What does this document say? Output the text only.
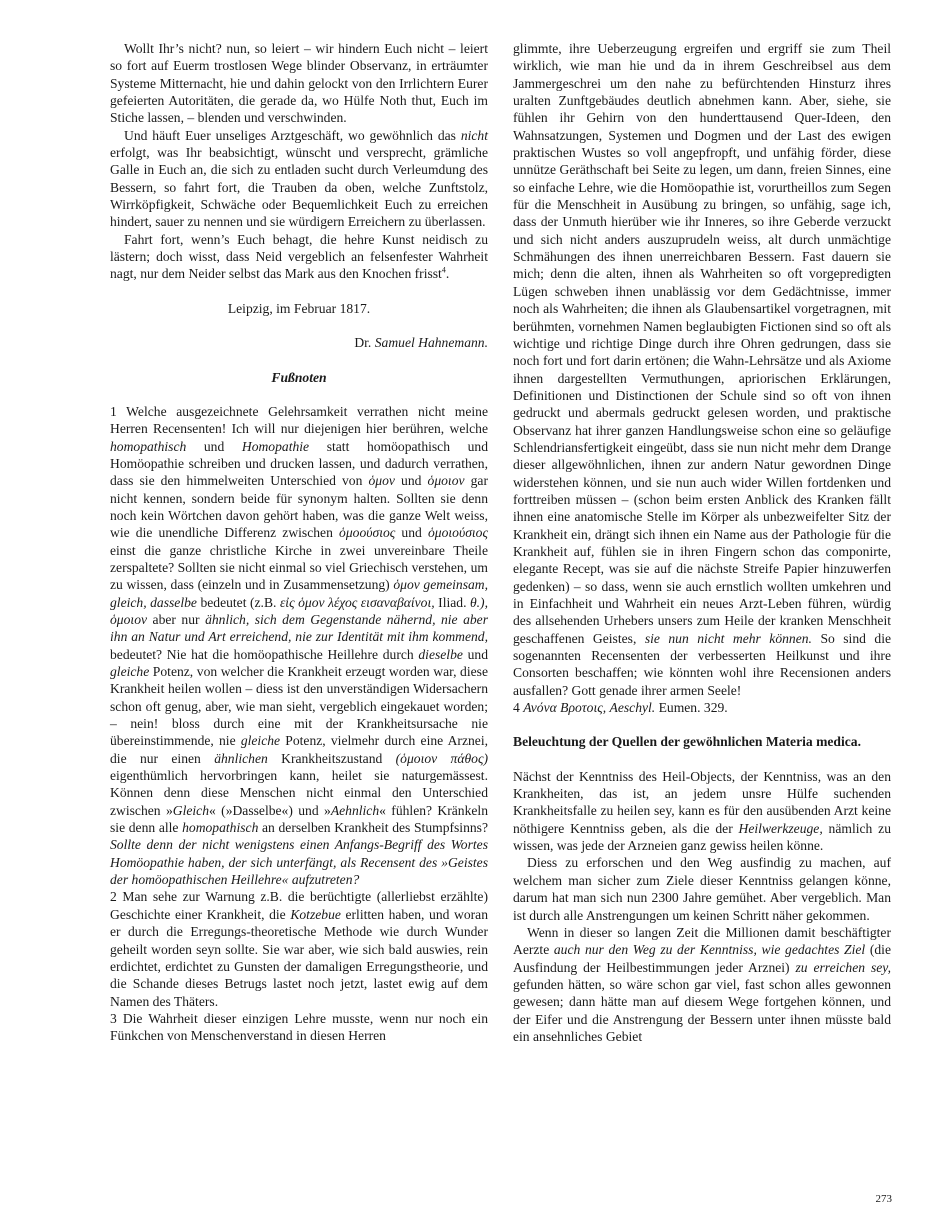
Wollt Ihr’s nicht? nun, so leiert – wir hindern Euch nicht – leiert so fort auf Euerm trostlosen Wege blinder Observanz, in erträumter Systeme Mitternacht, hie und dahin gelockt von den Irrlichtern Eurer gefeierten Autoritäten, die gerade da, wo Hülfe Noth thut, Euch im Stiche lassen, – blenden und verschwinden.

Und häuft Euer unseliges Arztgeschäft, wo gewöhnlich das nicht erfolgt, was Ihr beabsichtigt, wünscht und versprecht, grämliche Galle in Euch an, die sich zu entladen sucht durch Verleumdung des Bessern, so fahrt fort, die Trauben da oben, welche Zunftstolz, Wirrköpfigkeit, Schwäche oder Bequemlichkeit Euch zu erreichen hindert, sauer zu nennen und sie würdigern Erreichern zu überlassen.

Fahrt fort, wenn’s Euch behagt, die hehre Kunst neidisch zu lästern; doch wisst, dass Neid vergeblich an felsenfester Wahrheit nagt, nur dem Neider selbst das Mark aus den Knochen frisst$^4$.

Leipzig, im Februar 1817.

Dr. Samuel Hahnemann.

Fußnoten

1 Welche ausgezeichnete Gelehrsamkeit verrathen nicht meine Herren Recensenten! Ich will nur diejenigen hier berühren, welche homopathisch und Homopathie statt homöopathisch und Homöopathie schreiben und drucken lassen, und dadurch verrathen, dass sie den himmelweiten Unterschied von ὁμον und ὁμοιον gar nicht kennen, sondern beide für synonym halten. Sollten sie denn noch kein Wörtchen davon gehört haben, was die ganze Welt weiss, wie die unendliche Differenz zwischen ὁμοούσιος und ὁμοιούσιος einst die ganze christliche Kirche in zwei unvereinbare Theile zerspaltete? Sollten sie nicht einmal so viel Griechisch verstehen, um zu wissen, dass (einzeln und in Zusammensetzung) ὁμον gemeinsam, gleich, dasselbe bedeutet (z.B. εἰς ὁμον λέχος εισαναβαίνοι, Iliad. θ.), ὁμοιον aber nur ähnlich, sich dem Gegenstande nähernd, nie aber ihn an Natur und Art erreichend, nie zur Identität mit ihm kommend, bedeutet? Nie hat die homöopathische Heillehre durch dieselbe und gleiche Potenz, von welcher die Krankheit erzeugt worden war, diese Krankheit heilen wollen – diess ist den unverständigen Widersachern schon oft genug, aber, wie man sieht, vergeblich eingekauet worden; – nein! bloss durch eine mit der Krankheitsursache nie übereinstimmende, nie gleiche Potenz, vielmehr durch eine Arznei, die nur einen ähnlichen Krankheitszustand (ὁμοιον πάθος) eigenthümlich hervorbringen kann, heilet sie naturgemässest. Können denn diese Menschen nicht einmal den Unterschied zwischen »Gleich« (»Dasselbe«) und »Aehnlich« fühlen? Kränkeln sie denn alle homopathisch an derselben Krankheit des Stumpfsinns? Sollte denn der nicht wenigstens einen Anfangs-Begriff des Wortes Homöopathie haben, der sich unterfängt, als Recensent des »Geistes der homöopathischen Heillehre« aufzutreten?

2 Man sehe zur Warnung z.B. die berüchtigte (allerliebst erzählte) Geschichte einer Krankheit, die Kotzebue erlitten haben, und woran er durch die Erregungs-theoretische Methode wie durch Wunder geheilt worden seyn sollte. Sie war aber, wie sich bald auswies, rein erdichtet, erdichtet zu Gunsten der damaligen Erregungstheorie, und die Schande dieses Betrugs lastet noch jetzt, lastet ewig auf dem Namen des Thäters.

3 Die Wahrheit dieser einzigen Lehre musste, wenn nur noch ein Fünkchen von Menschenverstand in diesen Herren

glimmte, ihre Ueberzeugung ergreifen und ergriff sie zum Theil wirklich, wie man hie und da in ihrem Geschreibsel aus dem Jammergeschrei um den nahe zu befürchtenden Hinsturz ihres uralten Zunftgebäudes deutlich abnehmen kann. Aber, siehe, sie fühlen ihr Gehirn von den hunderttausend Quer-Ideen, den Wahnsatzungen, Systemen und Dogmen und der Last des ewigen praktischen Wustes so voll angepfropft, und unfähig förder, diese unnütze Geräthschaft bei Seite zu legen, um dann, freien Sinnes, eine so einfache Lehre, wie die Homöopathie ist, vorurtheillos zum Segen für die Menschheit in Ausübung zu bringen, so unfähig, sage ich, dass der Unmuth hierüber wie ihr Inneres, so ihre Geberde verzuckt und sich nicht anders auszuprudeln weiss, alt durch unmächtige Schmähungen des ihnen unerreichbaren Bessern. Fast dauern sie mich; denn die alten, ihnen als Wahrheiten so oft vorgepredigten Lügen schweben ihnen unablässig vor dem Gedächtnisse, immer noch als Wahrheiten; die ihnen als Glaubensartikel vorgetragnen, mit berühmten, vornehmen Namen beglaubigten Fictionen sind so oft als wichtige und richtige Dinge durch ihre Ohren gedrungen, dass sie noch fort und fort darin ertönen; die Wahn-Lehrsätze und als Axiome ihnen dargestellten Vermuthungen, apriorischen Erklärungen, Definitionen und Distinctionen der Schule sind so oft von ihnen gedruckt und abermals gedruckt gelesen worden, und praktische Observanz hat ihrer ganzen Handlungsweise schon eine so geläufige Schlendriansfertigkeit eingeübt, dass sie nun nicht mehr dem Drange dieser allgewöhnlichen, ihnen zur andern Natur gewordnen Dinge widerstehen können, und sie nun auch wider Willen fortdenken und forttreiben müssen – (schon beim ersten Anblick des Kranken fällt ihnen eine anatomische Stelle im Körper als unbezweifelter Sitz der Krankheit ein, drängt sich ihnen ein Name aus der Pathologie für die Krankheit auf, fühlen sie in ihren Fingern schon das componirte, elegante Recept, was sie auf die nächste Streife Papier hinzuwerfen gedenken) – so dass, wenn sie auch ernstlich wollten umkehren und in Einfachheit und Wahrheit ein neues Arzt-Leben führen, würdig des allsehenden Urhebers unsers zum Heile der kranken Menschheit geschaffenen Geistes, sie nun nicht mehr können. So sind die sogenannten Recensenten der verbesserten Heilkunst und ihre Consorten beschaffen; wie könnten wohl ihre Recensionen anders ausfallen? Gott genade ihrer armen Seele!

4 Ανόνα Βροτοις, Aeschyl. Eumen. 329.

Beleuchtung der Quellen der gewöhnlichen Materia medica.

Nächst der Kenntniss des Heil-Objects, der Kenntniss, was an den Krankheiten, das ist, an jedem unsre Hülfe suchenden Krankheitsfalle zu heilen sey, kann es für den ausübenden Arzt keine nöthigere Kenntniss geben, als die der Heilwerkzeuge, nämlich zu wissen, was jede der Arzneien ganz gewiss heilen könne.

Diess zu erforschen und den Weg ausfindig zu machen, auf welchem man sicher zum Ziele dieser Kenntniss gelangen könne, darum hat man sich nun 2300 Jahre gemühet. Aber vergeblich. Man ist durch alle Anstrengungen um keinen Schritt näher gekommen.

Wenn in dieser so langen Zeit die Millionen damit beschäftigter Aerzte auch nur den Weg zu der Kenntniss, wie gedachtes Ziel (die Ausfindung der Heilbestimmungen jeder Arznei) zu erreichen sey, gefunden hätten, so wäre schon gar viel, fast schon alles gewonnen gewesen; dann hätte man auf diesem Wege fortgehen können, und der Eifer und die Anstrengung der Bessern unter ihnen müsste bald ein ansehnliches Gebiet

273
